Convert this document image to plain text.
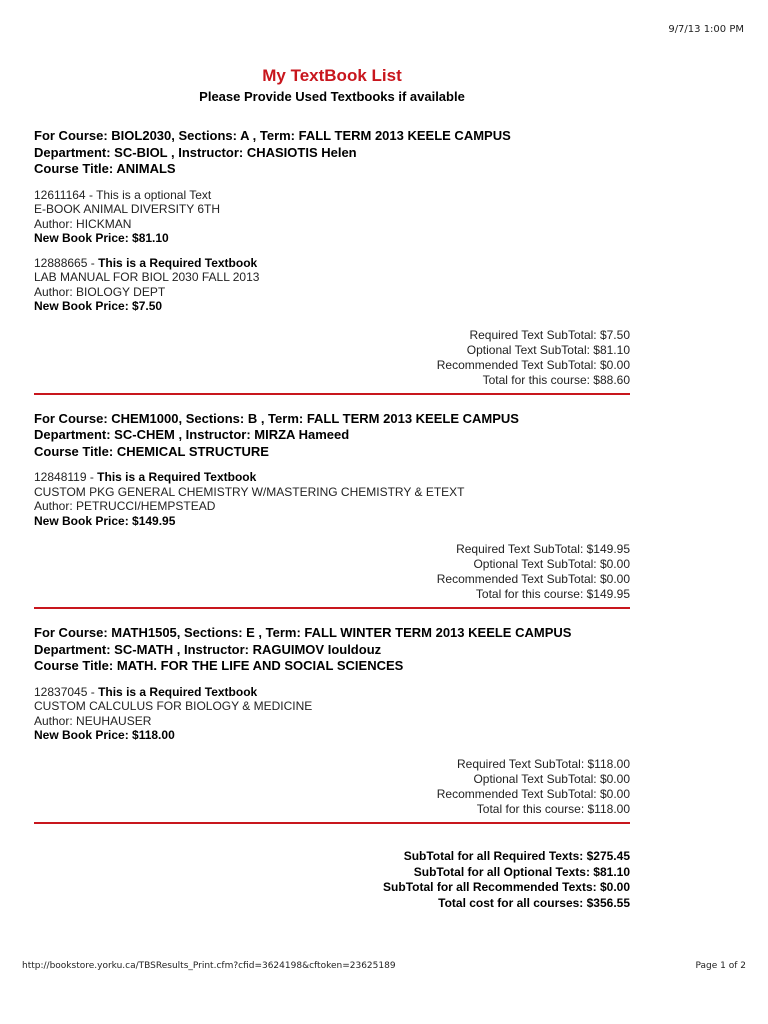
9/7/13 1:00 PM
My TextBook List
Please Provide Used Textbooks if available
For Course: BIOL2030, Sections: A , Term: FALL TERM 2013 KEELE CAMPUS
Department: SC-BIOL , Instructor: CHASIOTIS Helen
Course Title: ANIMALS
12611164 - This is a optional Text
E-BOOK ANIMAL DIVERSITY 6TH
Author: HICKMAN
New Book Price: $81.10
12888665 - This is a Required Textbook
LAB MANUAL FOR BIOL 2030 FALL 2013
Author: BIOLOGY DEPT
New Book Price: $7.50
Required Text SubTotal: $7.50
Optional Text SubTotal: $81.10
Recommended Text SubTotal: $0.00
Total for this course: $88.60
For Course: CHEM1000, Sections: B , Term: FALL TERM 2013 KEELE CAMPUS
Department: SC-CHEM , Instructor: MIRZA Hameed
Course Title: CHEMICAL STRUCTURE
12848119 - This is a Required Textbook
CUSTOM PKG GENERAL CHEMISTRY W/MASTERING CHEMISTRY & ETEXT
Author: PETRUCCI/HEMPSTEAD
New Book Price: $149.95
Required Text SubTotal: $149.95
Optional Text SubTotal: $0.00
Recommended Text SubTotal: $0.00
Total for this course: $149.95
For Course: MATH1505, Sections: E , Term: FALL WINTER TERM 2013 KEELE CAMPUS
Department: SC-MATH , Instructor: RAGUIMOV Iouldouz
Course Title: MATH. FOR THE LIFE AND SOCIAL SCIENCES
12837045 - This is a Required Textbook
CUSTOM CALCULUS FOR BIOLOGY & MEDICINE
Author: NEUHAUSER
New Book Price: $118.00
Required Text SubTotal: $118.00
Optional Text SubTotal: $0.00
Recommended Text SubTotal: $0.00
Total for this course: $118.00
SubTotal for all Required Texts: $275.45
SubTotal for all Optional Texts: $81.10
SubTotal for all Recommended Texts: $0.00
Total cost for all courses: $356.55
http://bookstore.yorku.ca/TBSResults_Print.cfm?cfid=3624198&cftoken=23625189	Page 1 of 2
